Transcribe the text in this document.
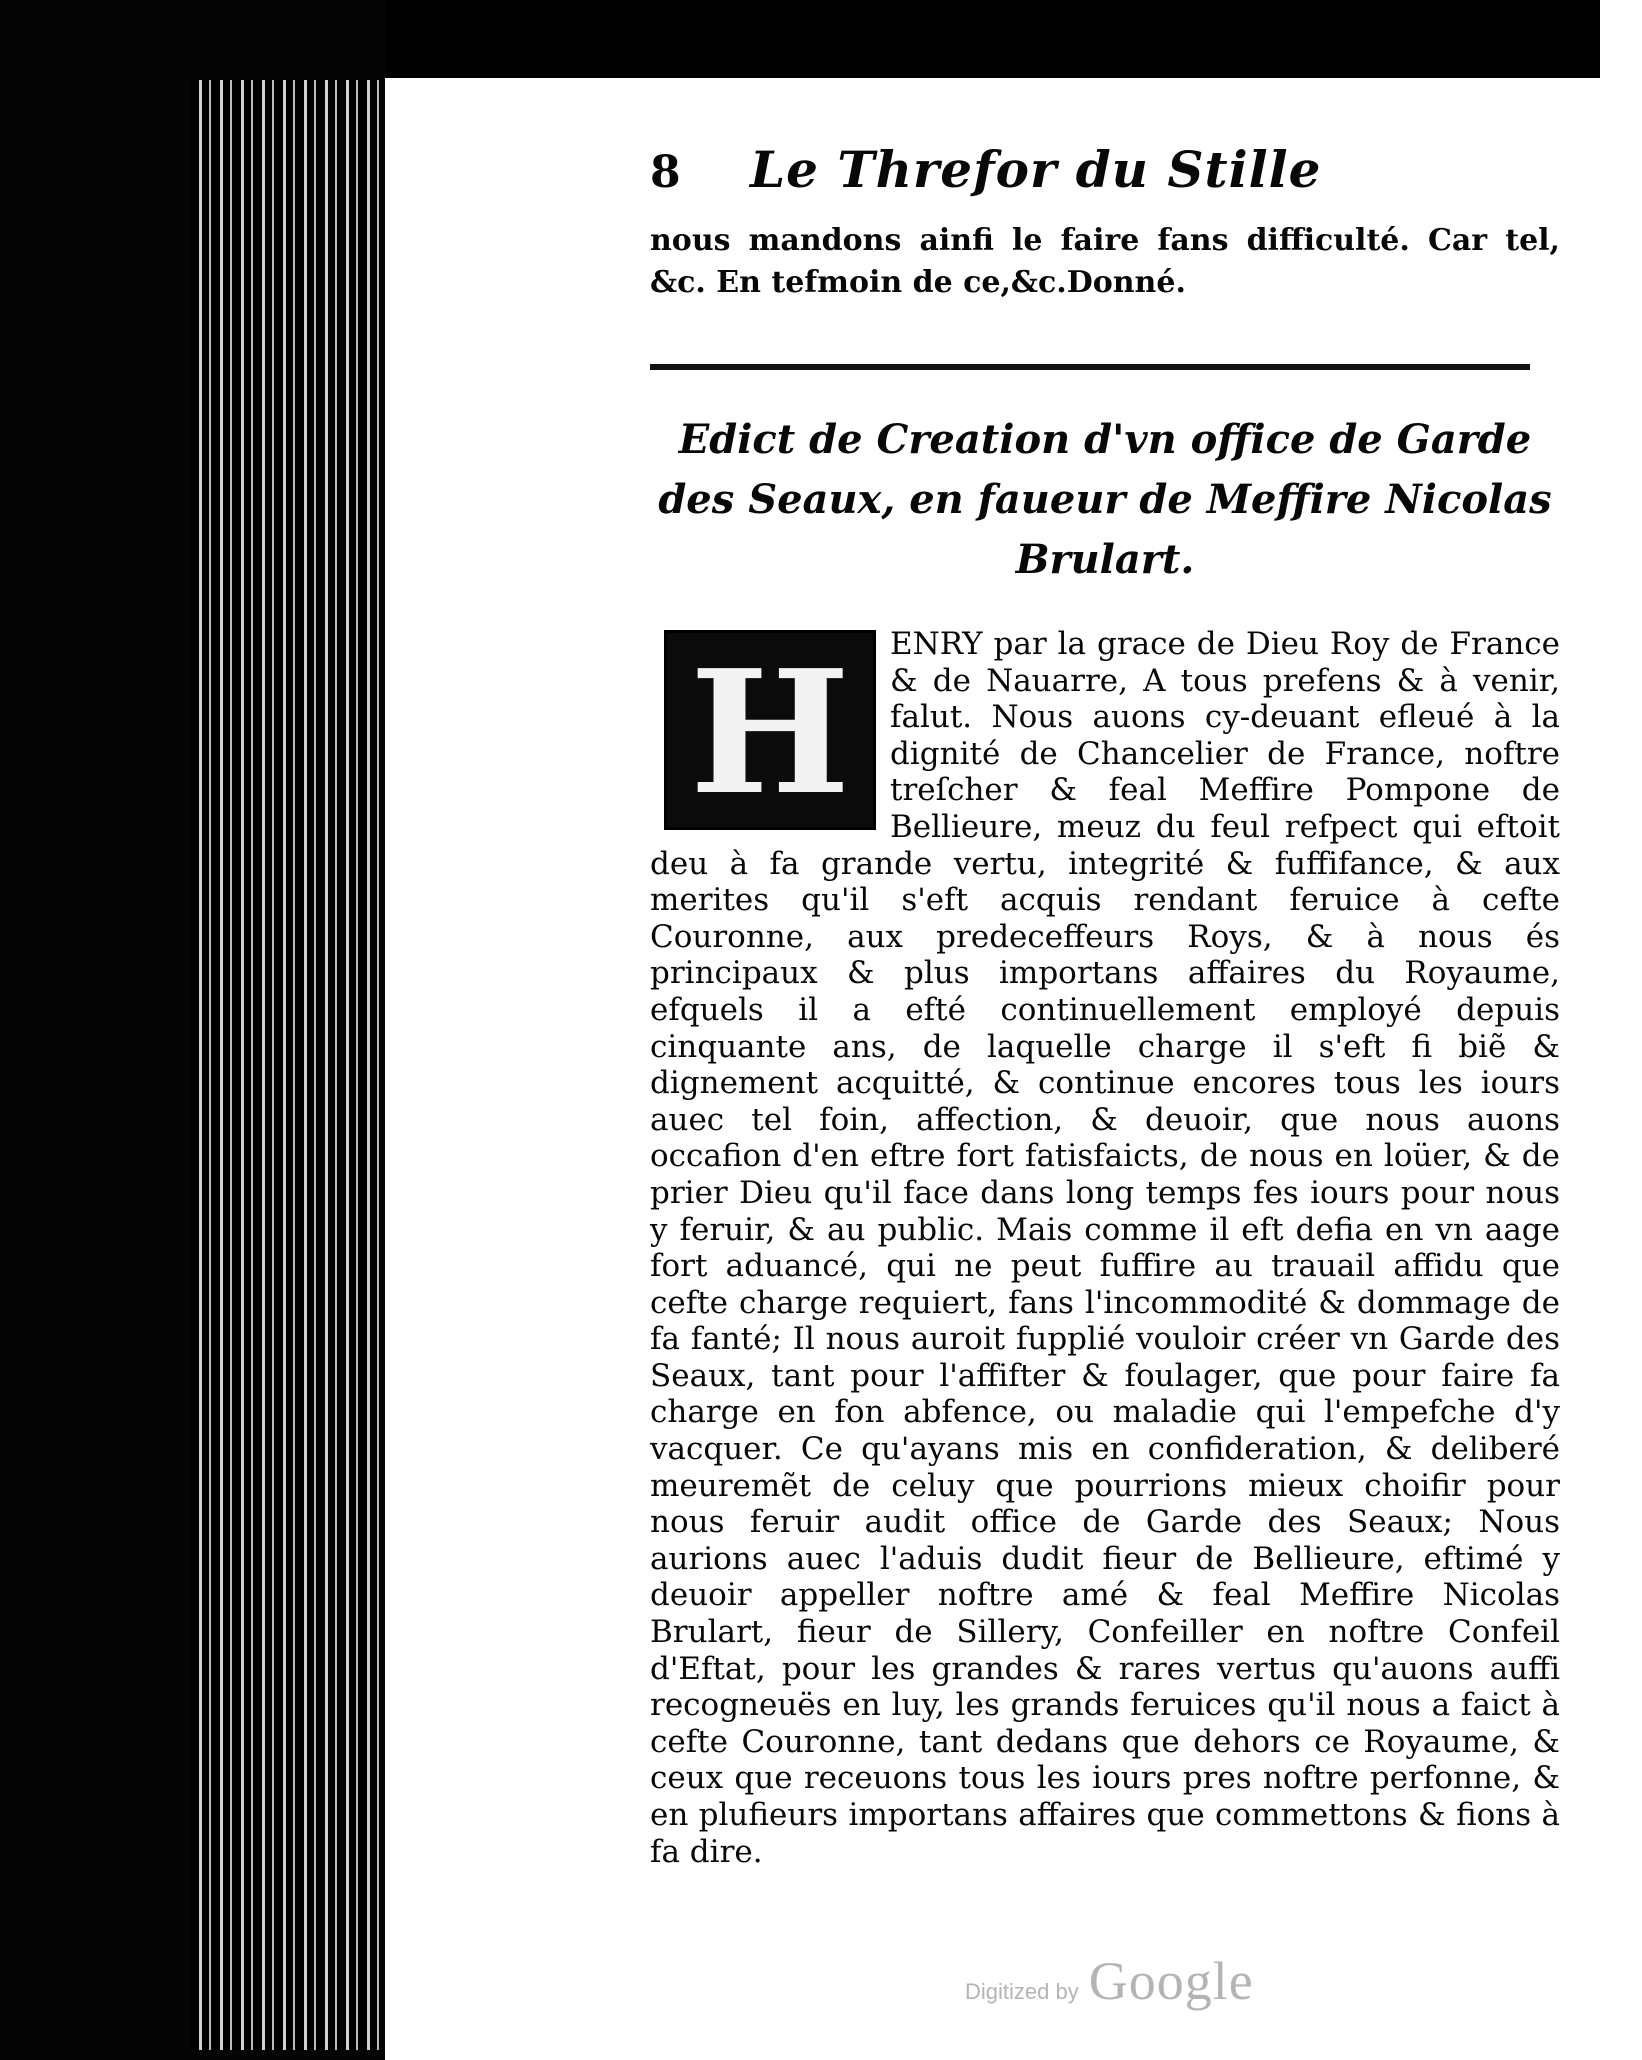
8	Le Threfor du Stille
nous mandons ainfi le faire fans difficulté. Car tel, &c. En tefmoin de ce,&c.Donné.
Edict de Creation d'vn office de Garde des Seaux, en faueur de Meffire Nicolas Brulart.
H	ENRY par la grace de Dieu Roy de France & de Nauarre, A tous prefens & à venir, falut. Nous auons cy-deuant efleué à la dignité de Chancelier de France, noftre treſcher & feal Meffire Pompone de Bellieure, meuz du feul refpect qui eftoit deu à fa grande vertu, integrité & fuffifance, & aux merites qu'il s'eft acquis rendant feruice à cefte Couronne, aux predeceffeurs Roys, & à nous és principaux & plus importans affaires du Royaume, efquels il a efté continuellement employé depuis cinquante ans, de laquelle charge il s'eft fi biẽ & dignement acquitté, & continue encores tous les iours auec tel foin, affection, & deuoir, que nous auons occafion d'en eftre fort fatisfaicts, de nous en loüer, & de prier Dieu qu'il face dans long temps fes iours pour nous y feruir, & au public. Mais comme il eft defia en vn aage fort aduancé, qui ne peut fuffire au trauail affidu que cefte charge requiert, fans l'incommodité & dommage de fa fanté; Il nous auroit fupplié vouloir créer vn Garde des Seaux, tant pour l'affifter & foulager, que pour faire fa charge en fon abfence, ou maladie qui l'empefche d'y vacquer. Ce qu'ayans mis en confideration, & deliberé meuremẽt de celuy que pourrions mieux choifir pour nous feruir audit office de Garde des Seaux; Nous aurions auec l'aduis dudit fieur de Bellieure, eftimé y deuoir appeller noftre amé & feal Meffire Nicolas Brulart, fieur de Sillery, Confeiller en noftre Confeil d'Eftat, pour les grandes & rares vertus qu'auons auffi recogneuës en luy, les grands feruices qu'il nous a faict à cefte Couronne, tant dedans que dehors ce Royaume, & ceux que receuons tous les iours pres noftre perfonne, & en plufieurs importans affaires que commettons & fions à fa dire.

Digitized by Google
